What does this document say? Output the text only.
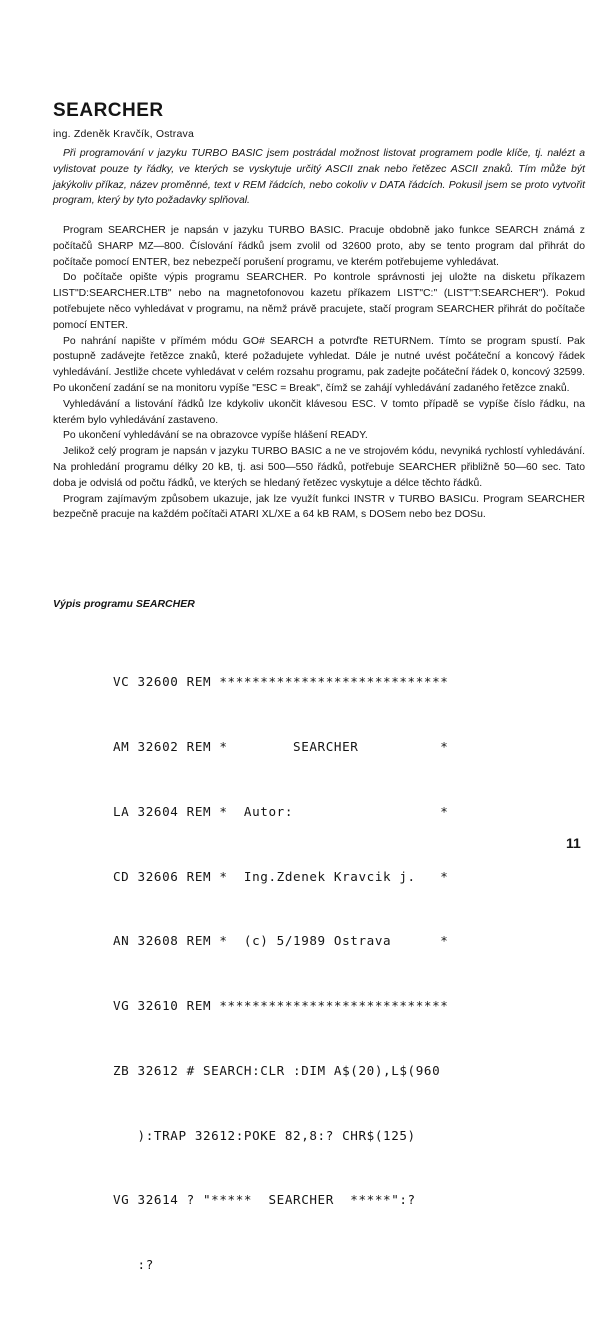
SEARCHER
ing. Zdeněk Kravčík, Ostrava

Při programování v jazyku TURBO BASIC jsem postrádal možnost listovat programem podle klíče, tj. nalézt a vylistovat pouze ty řádky, ve kterých se vyskytuje určitý ASCII znak nebo řetězec ASCII znaků. Tím může být jakýkoliv příkaz, název proměnné, text v REM řádcích, nebo cokoliv v DATA řádcích. Pokusil jsem se proto vytvořit program, který by tyto požadavky splňoval.

Program SEARCHER je napsán v jazyku TURBO BASIC. Pracuje obdobně jako funkce SEARCH známá z počítačů SHARP MZ—800. Číslování řádků jsem zvolil od 32600 proto, aby se tento program dal přihrát do počítače pomocí ENTER, bez nebezpečí porušení programu, ve kterém potřebujeme vyhledávat.

Do počítače opište výpis programu SEARCHER. Po kontrole správnosti jej uložte na disketu příkazem LIST"D:SEARCHER.LTB" nebo na magnetofonovou kazetu příkazem LIST"C:" (LIST"T:SEARCHER"). Pokud potřebujete něco vyhledávat v programu, na němž právě pracujete, stačí program SEARCHER přihrát do počítače pomocí ENTER.

Po nahrání napište v přímém módu GO# SEARCH a potvrďte RETURNem. Tímto se program spustí. Pak postupně zadávejte řetězce znaků, které požadujete vyhledat. Dále je nutné uvést počáteční a koncový řádek vyhledávání. Jestliže chcete vyhledávat v celém rozsahu programu, pak zadejte počáteční řádek 0, koncový 32599. Po ukončení zadání se na monitoru vypíše "ESC = Break", čímž se zahájí vyhledávání zadaného řetězce znaků.

Vyhledávání a listování řádků lze kdykoliv ukončit klávesou ESC. V tomto případě se vypíše číslo řádku, na kterém bylo vyhledávání zastaveno.

Po ukončení vyhledávání se na obrazovce vypíše hlášení READY.

Jelikož celý program je napsán v jazyku TURBO BASIC a ne ve strojovém kódu, nevyniká rychlostí vyhledávání. Na prohledání programu délky 20 kB, tj. asi 500—550 řádků, potřebuje SEARCHER přibližně 50—60 sec. Tato doba je odvislá od počtu řádků, ve kterých se hledaný řetězec vyskytuje a délce těchto řádků.

Program zajímavým způsobem ukazuje, jak lze využít funkci INSTR v TURBO BASICu. Program SEARCHER bezpečně pracuje na každém počítači ATARI XL/XE a 64 kB RAM, s DOSem nebo bez DOSu.

Výpis programu SEARCHER

VC 32600 REM ****************************

AM 32602 REM *        SEARCHER          *

LA 32604 REM *  Autor:                  *

CD 32606 REM *  Ing.Zdenek Kravcik j.   *

AN 32608 REM *  (c) 5/1989 Ostrava      *

VG 32610 REM ****************************

ZB 32612 # SEARCH:CLR :DIM A$(20),L$(960

):TRAP 32612:POKE 82,8:? CHR$(125)

VG 32614 ? "*****  SEARCHER  *****":?

:?

11
